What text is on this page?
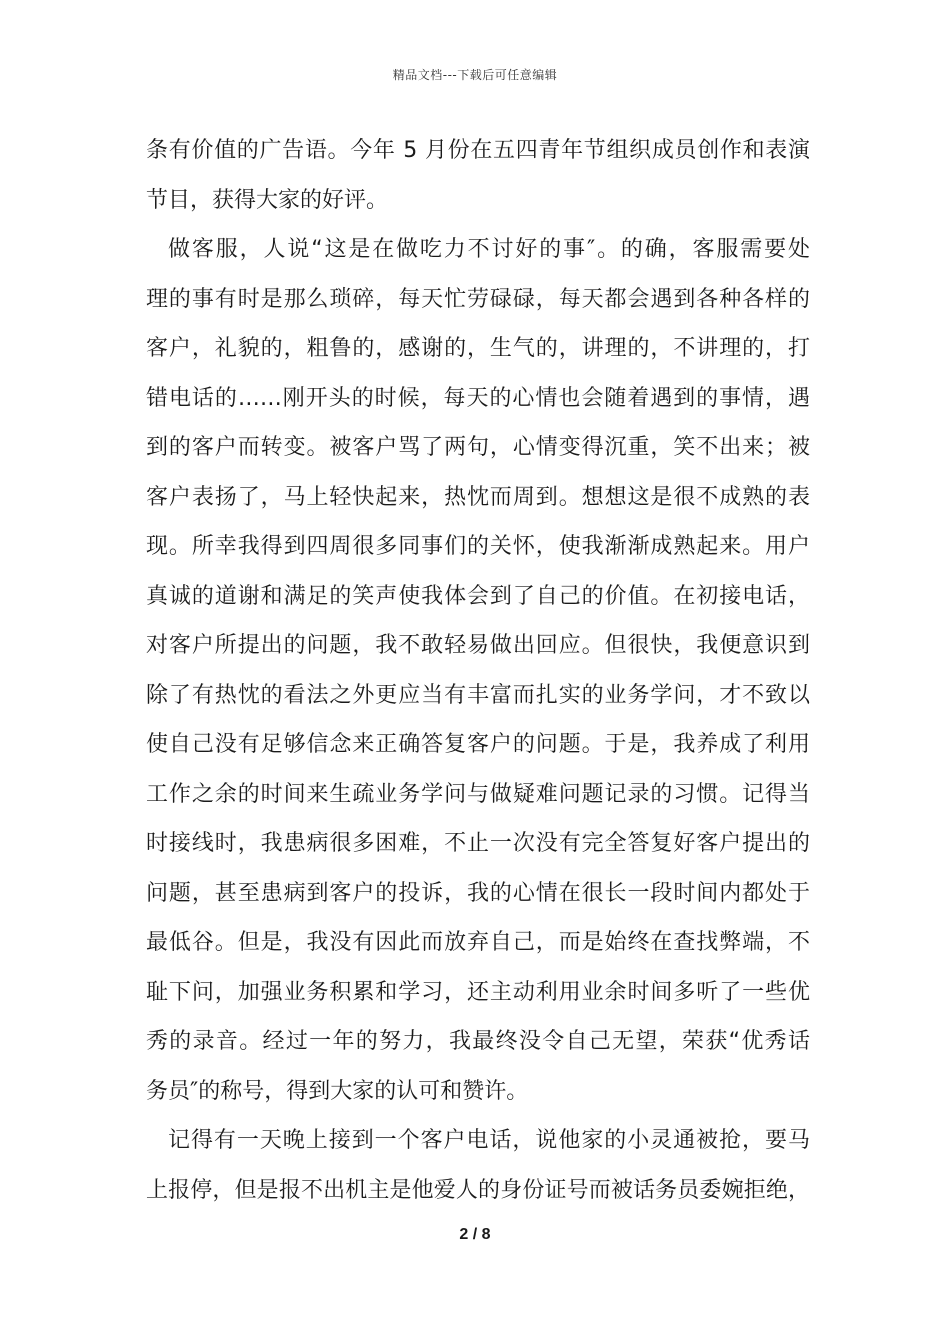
精品文档---下载后可任意编辑
条有价值的广告语。今年 5 月份在五四青年节组织成员创作和表演
节目，获得大家的好评。
做客服，人说“这是在做吃力不讨好的事″。的确，客服需要处
理的事有时是那么琐碎，每天忙劳碌碌，每天都会遇到各种各样的
客户，礼貌的，粗鲁的，感谢的，生气的，讲理的，不讲理的，打
错电话的……刚开头的时候，每天的心情也会随着遇到的事情，遇
到的客户而转变。被客户骂了两句，心情变得沉重，笑不出来；被
客户表扬了，马上轻快起来，热忱而周到。想想这是很不成熟的表
现。所幸我得到四周很多同事们的关怀，使我渐渐成熟起来。用户
真诚的道谢和满足的笑声使我体会到了自己的价值。在初接电话，
对客户所提出的问题，我不敢轻易做出回应。但很快，我便意识到
除了有热忱的看法之外更应当有丰富而扎实的业务学问，才不致以
使自己没有足够信念来正确答复客户的问题。于是，我养成了利用
工作之余的时间来生疏业务学问与做疑难问题记录的习惯。记得当
时接线时，我患病很多困难，不止一次没有完全答复好客户提出的
问题，甚至患病到客户的投诉，我的心情在很长一段时间内都处于
最低谷。但是，我没有因此而放弃自己，而是始终在查找弊端，不
耻下问，加强业务积累和学习，还主动利用业余时间多听了一些优
秀的录音。经过一年的努力，我最终没令自己无望，荣获“优秀话
务员″的称号，得到大家的认可和赞许。
记得有一天晚上接到一个客户电话，说他家的小灵通被抢，要马
上报停，但是报不出机主是他爱人的身份证号而被话务员委婉拒绝，
2 / 8
